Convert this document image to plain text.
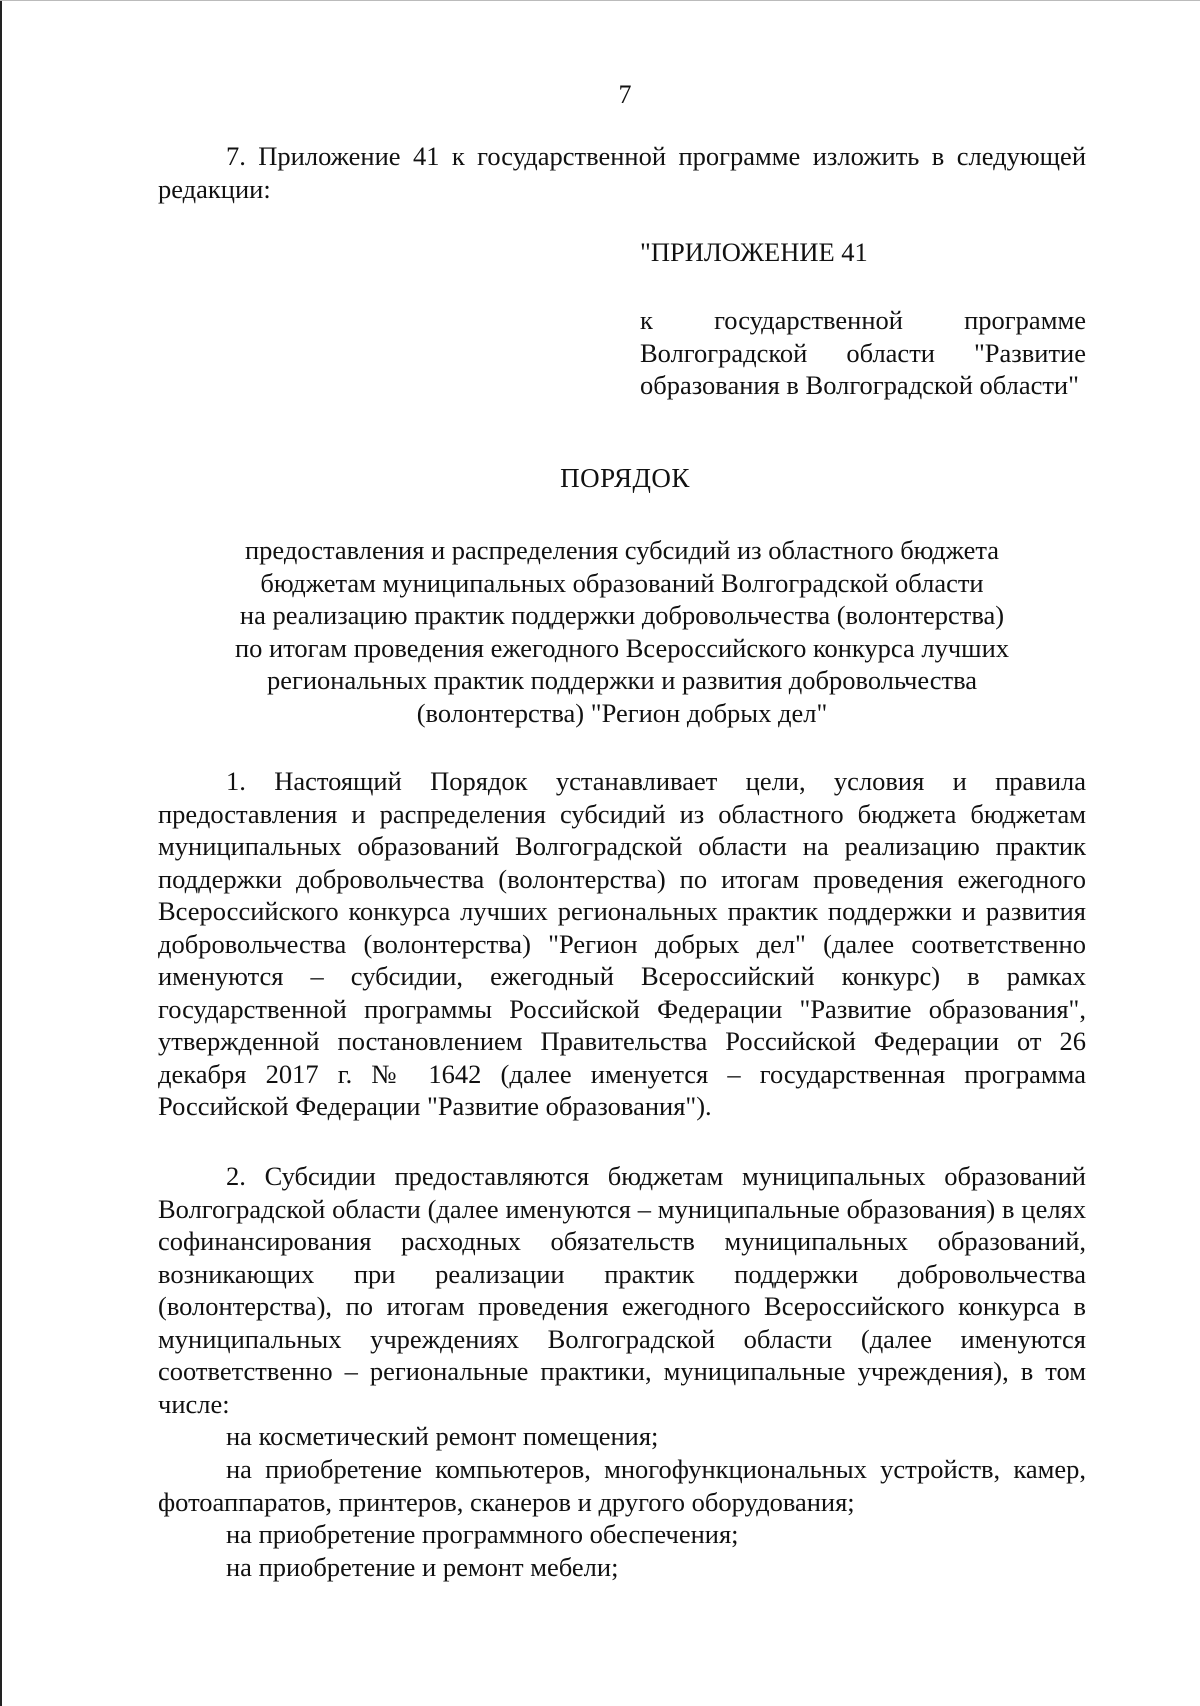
7

7. Приложение 41 к государственной программе изложить в следующей редакции:

"ПРИЛОЖЕНИЕ 41

к государственной программе Волгоградской области "Развитие образования в Волгоградской области"

ПОРЯДОК
предоставления и распределения субсидий из областного бюджета
бюджетам муниципальных образований Волгоградской области
на реализацию практик поддержки добровольчества (волонтерства)
по итогам проведения ежегодного Всероссийского конкурса лучших
региональных практик поддержки и развития добровольчества
(волонтерства) "Регион добрых дел"

1. Настоящий Порядок устанавливает цели, условия и правила предоставления и распределения субсидий из областного бюджета бюджетам муниципальных образований Волгоградской области на реализацию практик поддержки добровольчества (волонтерства) по итогам проведения ежегодного Всероссийского конкурса лучших региональных практик поддержки и развития добровольчества (волонтерства) "Регион добрых дел" (далее соответственно именуются – субсидии, ежегодный Всероссийский конкурс) в рамках государственной программы Российской Федерации "Развитие образования", утвержденной постановлением Правительства Российской Федерации от 26 декабря 2017 г. № 1642 (далее именуется – государственная программа Российской Федерации "Развитие образования").

2. Субсидии предоставляются бюджетам муниципальных образований Волгоградской области (далее именуются – муниципальные образования) в целях софинансирования расходных обязательств муниципальных образований, возникающих при реализации практик поддержки добровольчества (волонтерства), по итогам проведения ежегодного Всероссийского конкурса в муниципальных учреждениях Волгоградской области (далее именуются соответственно – региональные практики, муниципальные учреждения), в том числе:

на косметический ремонт помещения;

на приобретение компьютеров, многофункциональных устройств, камер, фотоаппаратов, принтеров, сканеров и другого оборудования;

на приобретение программного обеспечения;

на приобретение и ремонт мебели;
